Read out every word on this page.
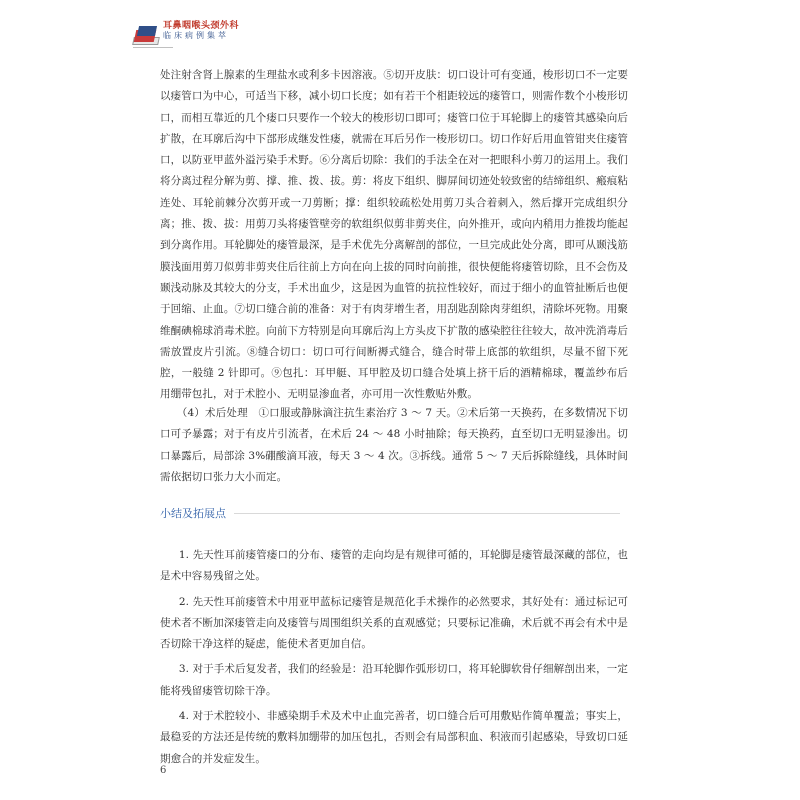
耳鼻咽喉头颈外科
临床病例集萃

处注射含肾上腺素的生理盐水或利多卡因溶液。⑤切开皮肤：切口设计可有变通，梭形切口不一定要以瘘管口为中心，可适当下移，减小切口长度；如有若干个相距较远的瘘管口，则需作数个小梭形切口，而相互靠近的几个瘘口只要作一个较大的梭形切口即可；瘘管口位于耳轮脚上的瘘管其感染向后扩散，在耳廓后沟中下部形成继发性瘘，就需在耳后另作一梭形切口。切口作好后用血管钳夹住瘘管口，以防亚甲蓝外溢污染手术野。⑥分离后切除：我们的手法全在对一把眼科小剪刀的运用上。我们将分离过程分解为剪、撑、推、拨、拔。剪：将皮下组织、脚屏间切迹处较致密的结缔组织、瘢痕粘连处、耳轮前棘分次剪开或一刀剪断；撑：组织较疏松处用剪刀头合着刺入，然后撑开完成组织分离；推、拨、拔：用剪刀头将瘘管壁旁的软组织似剪非剪夹住，向外推开，或向内稍用力推拨均能起到分离作用。耳轮脚处的瘘管最深，是手术优先分离解剖的部位，一旦完成此处分离，即可从颞浅筋膜浅面用剪刀似剪非剪夹住后往前上方向在向上拔的同时向前推，很快便能将瘘管切除，且不会伤及颞浅动脉及其较大的分支，手术出血少，这是因为血管的抗拉性较好，而过于细小的血管扯断后也便于回缩、止血。⑦切口缝合前的准备：对于有肉芽增生者，用刮匙刮除肉芽组织，清除坏死物。用聚维酮碘棉球消毒术腔。向前下方特别是向耳廓后沟上方头皮下扩散的感染腔往往较大，故冲洗消毒后需放置皮片引流。⑧缝合切口：切口可行间断褥式缝合，缝合时带上底部的软组织，尽量不留下死腔，一般缝 2 针即可。⑨包扎：耳甲艇、耳甲腔及切口缝合处填上挤干后的酒精棉球，覆盖纱布后用绷带包扎，对于术腔小、无明显渗血者，亦可用一次性敷贴外敷。

（4）术后处理　①口服或静脉滴注抗生素治疗 3 ～ 7 天。②术后第一天换药，在多数情况下切口可予暴露；对于有皮片引流者，在术后 24 ～ 48 小时抽除；每天换药，直至切口无明显渗出。切口暴露后，局部涂 3%硼酸滴耳液，每天 3 ～ 4 次。③拆线。通常 5 ～ 7 天后拆除缝线，具体时间需依据切口张力大小而定。

小结及拓展点

1. 先天性耳前瘘管瘘口的分布、瘘管的走向均是有规律可循的，耳轮脚是瘘管最深藏的部位，也是术中容易残留之处。

2. 先天性耳前瘘管术中用亚甲蓝标记瘘管是规范化手术操作的必然要求，其好处有：通过标记可使术者不断加深瘘管走向及瘘管与周围组织关系的直观感觉；只要标记准确，术后就不再会有术中是否切除干净这样的疑虑，能使术者更加自信。

3. 对于手术后复发者，我们的经验是：沿耳轮脚作弧形切口，将耳轮脚软骨仔细解剖出来，一定能将残留瘘管切除干净。

4. 对于术腔较小、非感染期手术及术中止血完善者，切口缝合后可用敷贴作简单覆盖；事实上，最稳妥的方法还是传统的敷料加绷带的加压包扎，否则会有局部积血、积液而引起感染，导致切口延期愈合的并发症发生。

6
